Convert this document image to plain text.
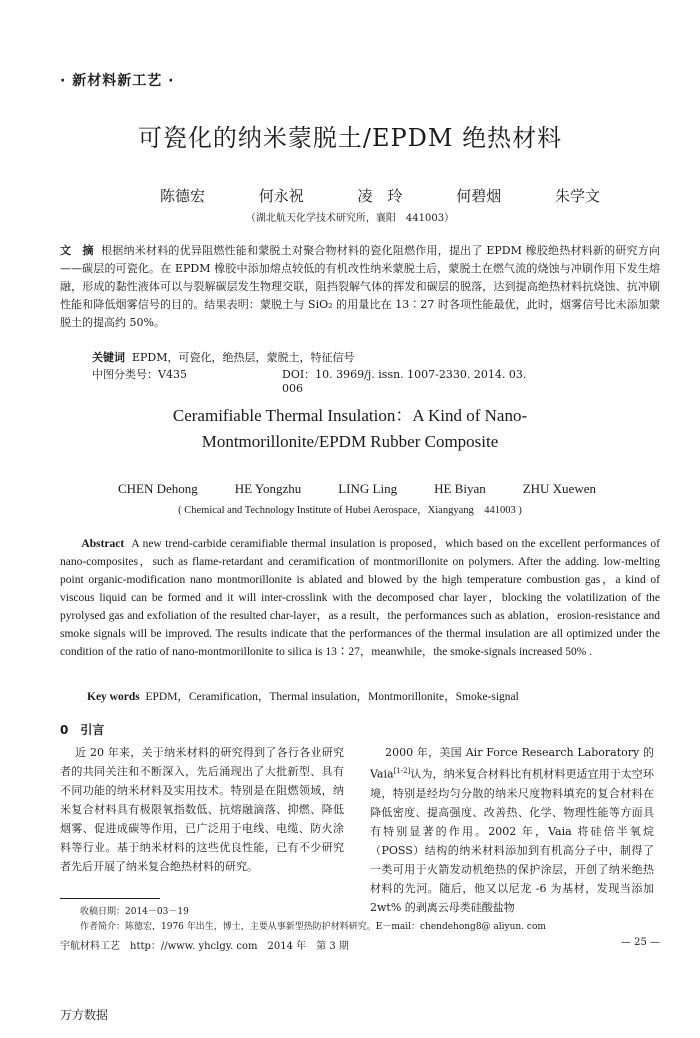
· 新材料新工艺 ·
可瓷化的纳米蒙脱土/EPDM 绝热材料
陈德宏	何永祝	凌　玲	何碧烟	朱学文
（湖北航天化学技术研究所，襄阳　441003）
文　摘 根据纳米材料的优异阻燃性能和蒙脱土对聚合物材料的瓷化阻燃作用，提出了 EPDM 橡胶绝热材料新的研究方向——碳层的可瓷化。在 EPDM 橡胶中添加熔点较低的有机改性纳米蒙脱土后，蒙脱土在燃气流的烧蚀与冲刷作用下发生熔融，形成的黏性液体可以与裂解碳层发生物理交联，阻挡裂解气体的挥发和碳层的脱落，达到提高绝热材料抗烧蚀、抗冲刷性能和降低烟雾信号的目的。结果表明：蒙脱土与 SiO₂ 的用量比在 13∶27 时各项性能最优，此时，烟雾信号比未添加蒙脱土的提高约 50%。
关键词 EPDM，可瓷化，绝热层，蒙脱土，特征信号
中图分类号：V435	DOI：10. 3969/j. issn. 1007-2330. 2014. 03. 006
Ceramifiable Thermal Insulation：A Kind of Nano-
Montmorillonite/EPDM Rubber Composite
CHEN Dehong	HE Yongzhu	LING Ling	HE Biyan	ZHU Xuewen
( Chemical and Technology Institute of Hubei Aerospace，Xiangyang　441003 )
Abstract A new trend-carbide ceramifiable thermal insulation is proposed，which based on the excellent performances of nano-composites，such as flame-retardant and ceramification of montmorillonite on polymers. After the adding. low-melting point organic-modification nano montmorillonite is ablated and blowed by the high temperature combustion gas，a kind of viscous liquid can be formed and it will inter-crosslink with the decomposed char layer，blocking the volatilization of the pyrolysed gas and exfoliation of the resulted char-layer，as a result，the performances such as ablation，erosion-resistance and smoke signals will be improved. The results indicate that the performances of the thermal insulation are all optimized under the condition of the ratio of nano-montmorillonite to silica is 13∶27，meanwhile，the smoke-signals increased 50% .
Key words EPDM，Ceramification，Thermal insulation，Montmorillonite，Smoke-signal
0　引言
近 20 年来，关于纳米材料的研究得到了各行各业研究者的共同关注和不断深入，先后涌现出了大批新型、具有不同功能的纳米材料及实用技术。特别是在阻燃领域，纳米复合材料具有极限氧指数低、抗熔融滴落、抑燃、降低烟雾、促进成碳等作用，已广泛用于电线、电缆、防火涂料等行业。基于纳米材料的这些优良性能，已有不少研究者先后开展了纳米复合绝热材料的研究。
2000 年，美国 Air Force Research Laboratory 的 Vaia[1-2]认为，纳米复合材料比有机材料更适宜用于太空环境，特别是经均匀分散的纳米尺度物料填充的复合材料在降低密度、提高强度、改善热、化学、物理性能等方面具有特别显著的作用。2002 年，Vaia 将硅倍半氧烷（POSS）结构的纳米材料添加到有机高分子中，制得了一类可用于火箭发动机绝热的保护涂层，开创了纳米绝热材料的先河。随后，他又以尼龙 -6 为基材，发现当添加 2wt% 的剥离云母类硅酸盐物
收稿日期：2014－03－19
作者简介：陈德宏，1976 年出生，博士，主要从事新型热防护材料研究。E－mail：chendehong8@ aliyun. com
宇航材料工艺　http：//www. yhclgy. com　2014 年　第 3 期	— 25 —
万方数据
